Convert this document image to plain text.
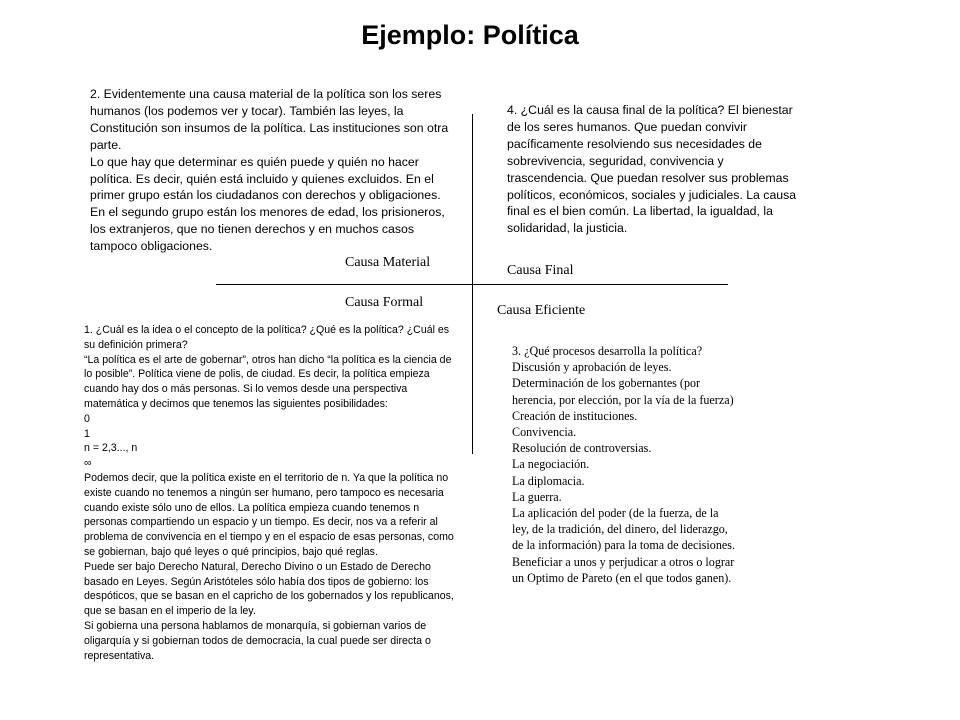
Ejemplo: Política
2. Evidentemente una causa material de la política son los seres humanos (los podemos ver y tocar). También las leyes, la Constitución son insumos de la política. Las instituciones son otra parte.
Lo que hay que determinar es quién puede y quién no hacer política. Es decir, quién está incluido y quienes excluidos. En el primer grupo están los ciudadanos con derechos y obligaciones. En el segundo grupo están los menores de edad, los prisioneros, los extranjeros, que no tienen derechos y en muchos casos tampoco obligaciones.
4. ¿Cuál es la causa final de la política? El bienestar de los seres humanos. Que puedan convivir pacíficamente resolviendo sus necesidades de sobrevivencia, seguridad, convivencia y trascendencia. Que puedan resolver sus problemas políticos, económicos, sociales y judiciales. La causa final es el bien común. La libertad, la igualdad, la solidaridad, la justicia.
Causa Material
Causa Final
Causa Formal
Causa Eficiente
1. ¿Cuál es la idea o el concepto de la política? ¿Qué es la política? ¿Cuál es su definición primera?
“La política es el arte de gobernar”, otros han dicho “la política es la ciencia de lo posible”. Política viene de polis, de ciudad. Es decir, la política empieza cuando hay dos o más personas. Si lo vemos desde una perspectiva matemática y decimos que tenemos las siguientes posibilidades:
0
1
n = 2,3..., n
∞
Podemos decir, que la política existe en el territorio de n. Ya que la política no existe cuando no tenemos a ningún ser humano, pero tampoco es necesaria cuando existe sólo uno de ellos. La política empieza cuando tenemos n personas compartiendo un espacio y un tiempo. Es decir, nos va a referir al problema de convivencia en el tiempo y en el espacio de esas personas, como se gobiernan, bajo qué leyes o qué principios, bajo qué reglas.
Puede ser bajo Derecho Natural, Derecho Divino o un Estado de Derecho basado en Leyes. Según Aristóteles sólo había dos tipos de gobierno: los despóticos, que se basan en el capricho de los gobernados y los republicanos, que se basan en el imperio de la ley.
Si gobierna una persona hablamos de monarquía, si gobiernan varios de oligarquía y si gobiernan todos de democracia, la cual puede ser directa o representativa.
3. ¿Qué procesos desarrolla la política?
Discusión y aprobación de leyes.
Determinación de los gobernantes (por herencia, por elección, por la vía de la fuerza)
Creación de instituciones.
Convivencia.
Resolución de controversias.
La negociación.
La diplomacia.
La guerra.
La aplicación del poder (de la fuerza, de la ley, de la tradición, del dinero, del liderazgo, de la información) para la toma de decisiones.
Beneficiar a unos y perjudicar a otros o lograr un Optimo de Pareto (en el que todos ganen).
